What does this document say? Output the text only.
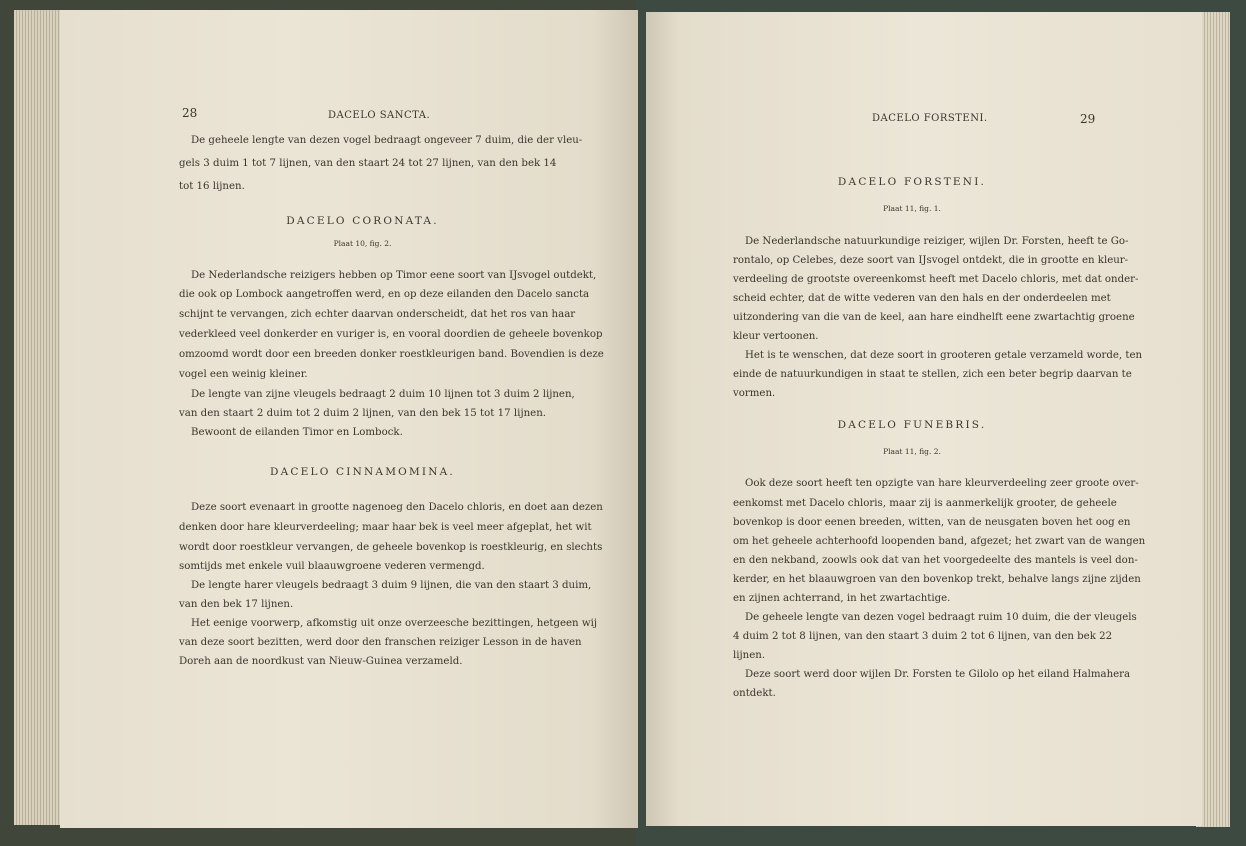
28	DACELO SANCTA.
De geheele lengte van dezen vogel bedraagt ongeveer 7 duim, die der vleu-
gels 3 duim 1 tot 7 lijnen, van den staart 24 tot 27 lijnen, van den bek 14
tot 16 lijnen.
DACELO CORONATA.
Plaat 10, fig. 2.
De Nederlandsche reizigers hebben op Timor eene soort van IJsvogel outdekt,
die ook op Lombock aangetroffen werd, en op deze eilanden den Dacelo sancta
schijnt te vervangen, zich echter daarvan onderscheidt, dat het ros van haar
vederkleed veel donkerder en vuriger is, en vooral doordien de geheele bovenkop
omzoomd wordt door een breeden donker roestkleurigen band. Bovendien is deze
vogel een weinig kleiner.
De lengte van zijne vleugels bedraagt 2 duim 10 lijnen tot 3 duim 2 lijnen,
van den staart 2 duim tot 2 duim 2 lijnen, van den bek 15 tot 17 lijnen.
Bewoont de eilanden Timor en Lombock.
DACELO CINNAMOMINA.
Deze soort evenaart in grootte nagenoeg den Dacelo chloris, en doet aan dezen
denken door hare kleurverdeeling; maar haar bek is veel meer afgeplat, het wit
wordt door roestkleur vervangen, de geheele bovenkop is roestkleurig, en slechts
somtijds met enkele vuil blaauwgroene vederen vermengd.
De lengte harer vleugels bedraagt 3 duim 9 lijnen, die van den staart 3 duim,
van den bek 17 lijnen.
Het eenige voorwerp, afkomstig uit onze overzeesche bezittingen, hetgeen wij
van deze soort bezitten, werd door den franschen reiziger Lesson in de haven
Doreh aan de noordkust van Nieuw-Guinea verzameld.
DACELO FORSTENI.	29
DACELO FORSTENI.
Plaat 11, fig. 1.
De Nederlandsche natuurkundige reiziger, wijlen Dr. Forsten, heeft te Go-
rontalo, op Celebes, deze soort van IJsvogel ontdekt, die in grootte en kleur-
verdeeling de grootste overeenkomst heeft met Dacelo chloris, met dat onder-
scheid echter, dat de witte vederen van den hals en der onderdeelen met
uitzondering van die van de keel, aan hare eindhelft eene zwartachtig groene
kleur vertoonen.
Het is te wenschen, dat deze soort in grooteren getale verzameld worde, ten
einde de natuurkundigen in staat te stellen, zich een beter begrip daarvan te
vormen.
DACELO FUNEBRIS.
Plaat 11, fig. 2.
Ook deze soort heeft ten opzigte van hare kleurverdeeling zeer groote over-
eenkomst met Dacelo chloris, maar zij is aanmerkelijk grooter, de geheele
bovenkop is door eenen breeden, witten, van de neusgaten boven het oog en
om het geheele achterhoofd loopenden band, afgezet; het zwart van de wangen
en den nekband, zoowls ook dat van het voorgedeelte des mantels is veel don-
kerder, en het blaauwgroen van den bovenkop trekt, behalve langs zijne zijden
en zijnen achterrand, in het zwartachtige.
De geheele lengte van dezen vogel bedraagt ruim 10 duim, die der vleugels
4 duim 2 tot 8 lijnen, van den staart 3 duim 2 tot 6 lijnen, van den bek 22
lijnen.
Deze soort werd door wijlen Dr. Forsten te Gilolo op het eiland Halmahera
ontdekt.
